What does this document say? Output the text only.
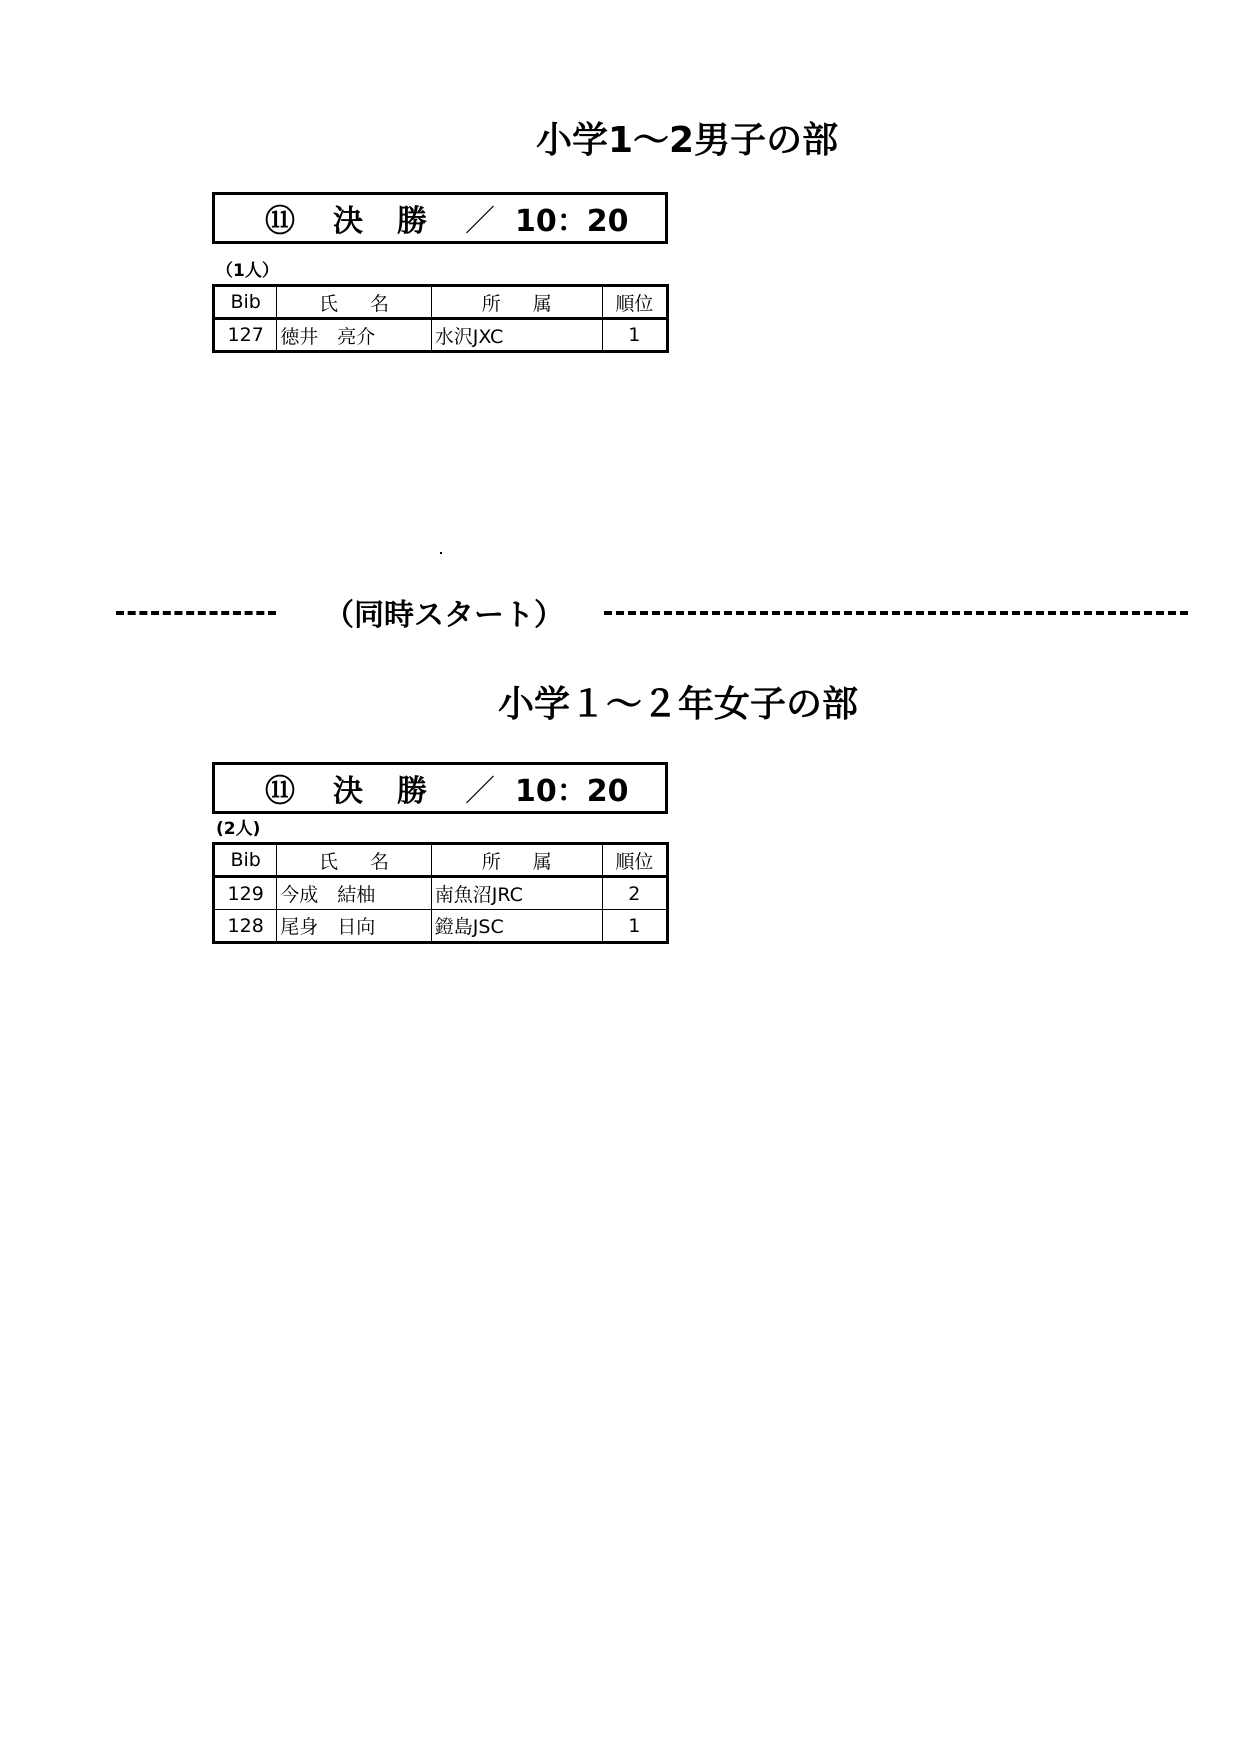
小学1〜2男子の部
⑪ 決勝 ／ 10：20
（1人）
Bib	氏名	所属	順位
127	徳井　亮介	水沢JXC	1
（同時スタート）
小学１〜２年女子の部
⑪ 決勝 ／ 10：20
(2人)
Bib	氏名	所属	順位
129	今成　結柚	南魚沼JRC	2
128	尾身　日向	鐙島JSC	1
